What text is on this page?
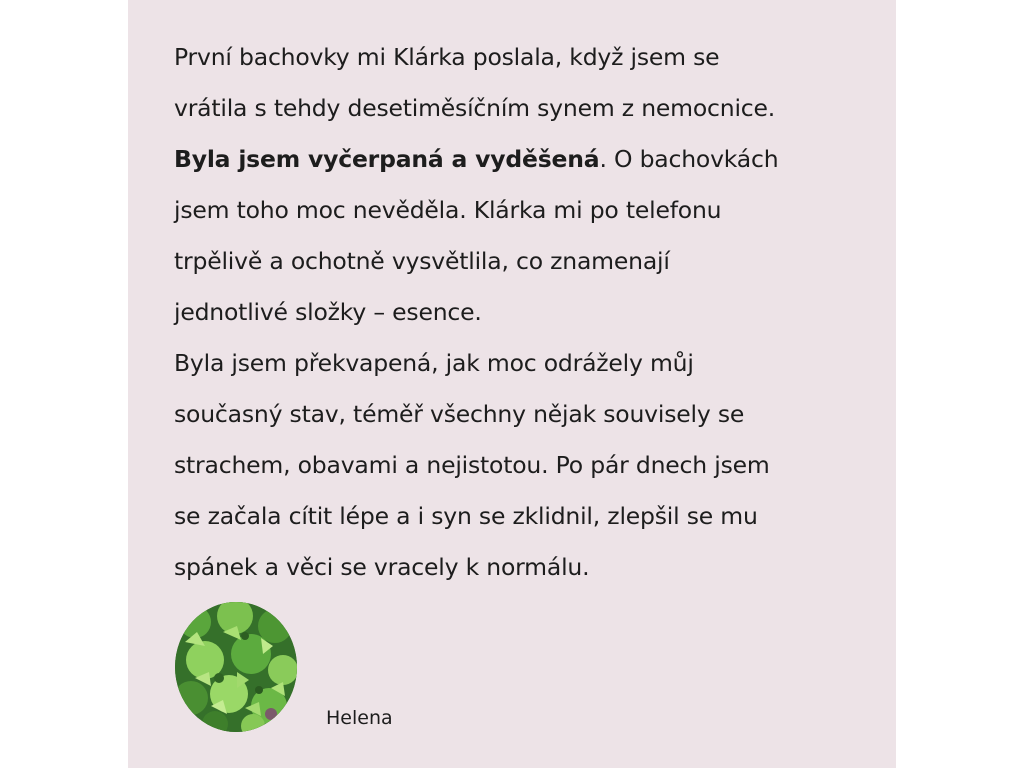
První bachovky mi Klárka poslala, když jsem se
vrátila s tehdy desetiměsíčním synem z nemocnice.
Byla jsem vyčerpaná a vyděšená. O bachovkách
jsem toho moc nevěděla. Klárka mi po telefonu
trpělivě a ochotně vysvětlila, co znamenají
jednotlivé složky – esence.

Byla jsem překvapená, jak moc odrážely můj
současný stav, téměř všechny nějak souvisely se
strachem, obavami a nejistotou. Po pár dnech jsem
se začala cítit lépe a i syn se zklidnil, zlepšil se mu
spánek a věci se vracely k normálu.

Helena
